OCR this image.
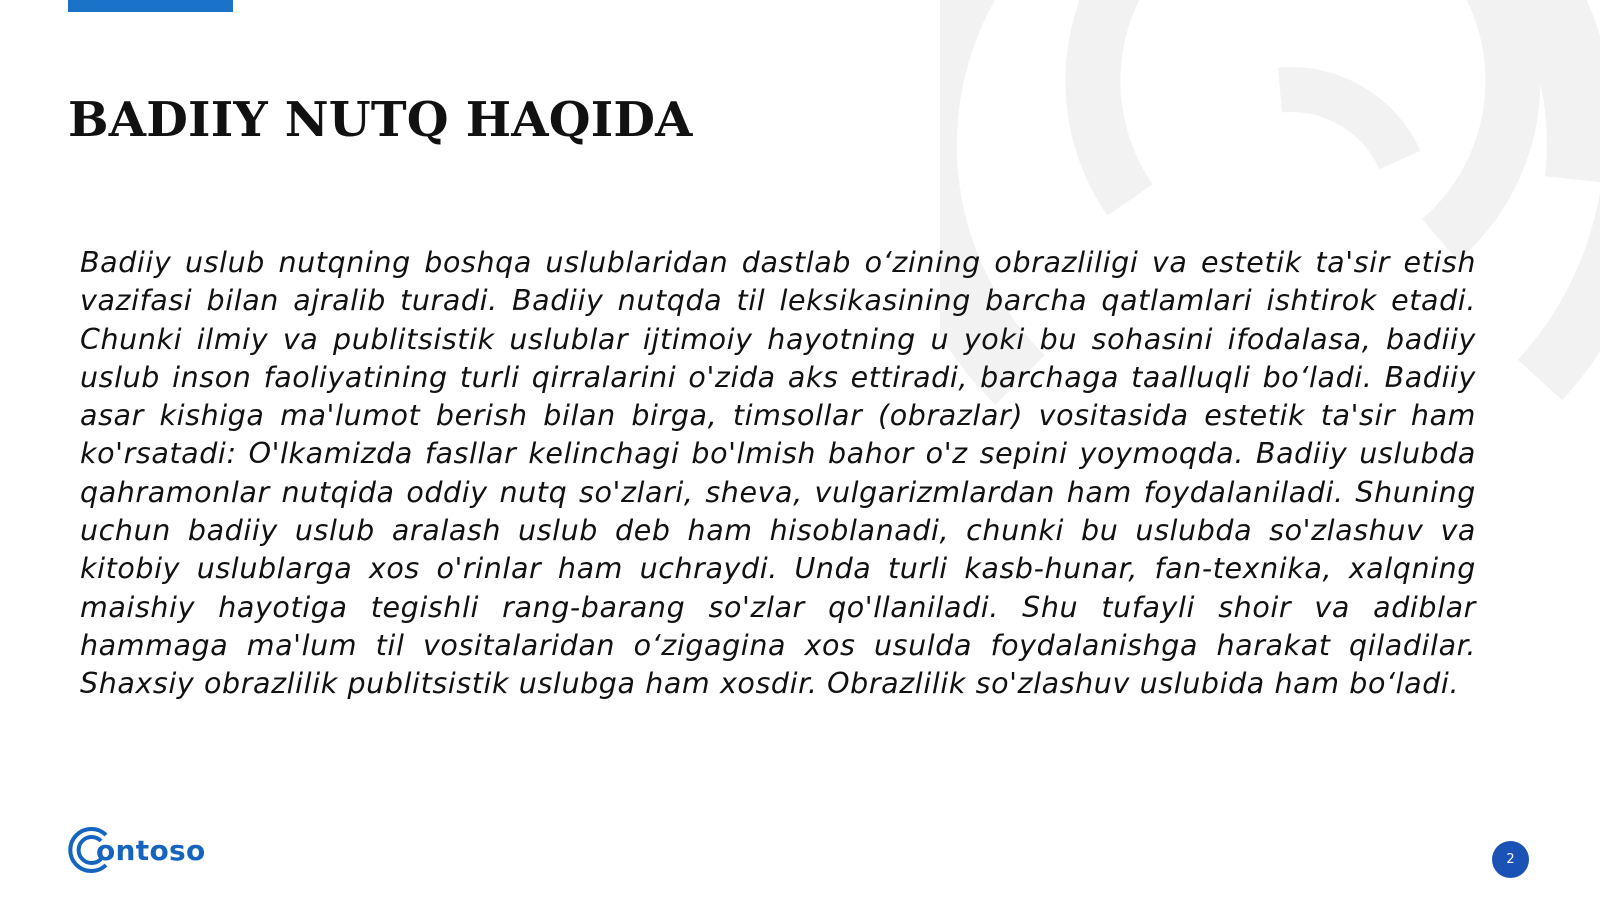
BADIIY NUTQ HAQIDA

Badiiy uslub nutqning boshqa uslublaridan dastlab o‘zining obrazliligi va estetik ta'sir etish vazifasi bilan ajralib turadi. Badiiy nutqda til leksikasining barcha qatlamlari ishtirok etadi. Chunki ilmiy va publitsistik uslublar ijtimoiy hayotning u yoki bu sohasini ifodalasa, badiiy uslub inson faoliyatining turli qirralarini o'zida aks ettiradi, barchaga taalluqli bo‘ladi. Badiiy asar kishiga ma'lumot berish bilan birga, timsollar (obrazlar) vositasida estetik ta'sir ham ko'rsatadi: O'lkamizda fasllar kelinchagi bo'lmish bahor o'z sepini yoymoqda. Badiiy uslubda qahramonlar nutqida oddiy nutq so'zlari, sheva, vulgarizmlardan ham foydalaniladi. Shuning uchun badiiy uslub aralash uslub deb ham hisoblanadi, chunki bu uslubda so'zlashuv va kitobiy uslublarga xos o'rinlar ham uchraydi. Unda turli kasb-hunar, fan-texnika, xalqning maishiy hayotiga tegishli rang-barang so'zlar qo'llaniladi. Shu tufayli shoir va adiblar hammaga ma'lum til vositalaridan o‘zigagina xos usulda foydalanishga harakat qiladilar. Shaxsiy obrazlilik publitsistik uslubga ham xosdir. Obrazlilik so'zlashuv uslubida ham bo‘ladi.

ontoso	2
